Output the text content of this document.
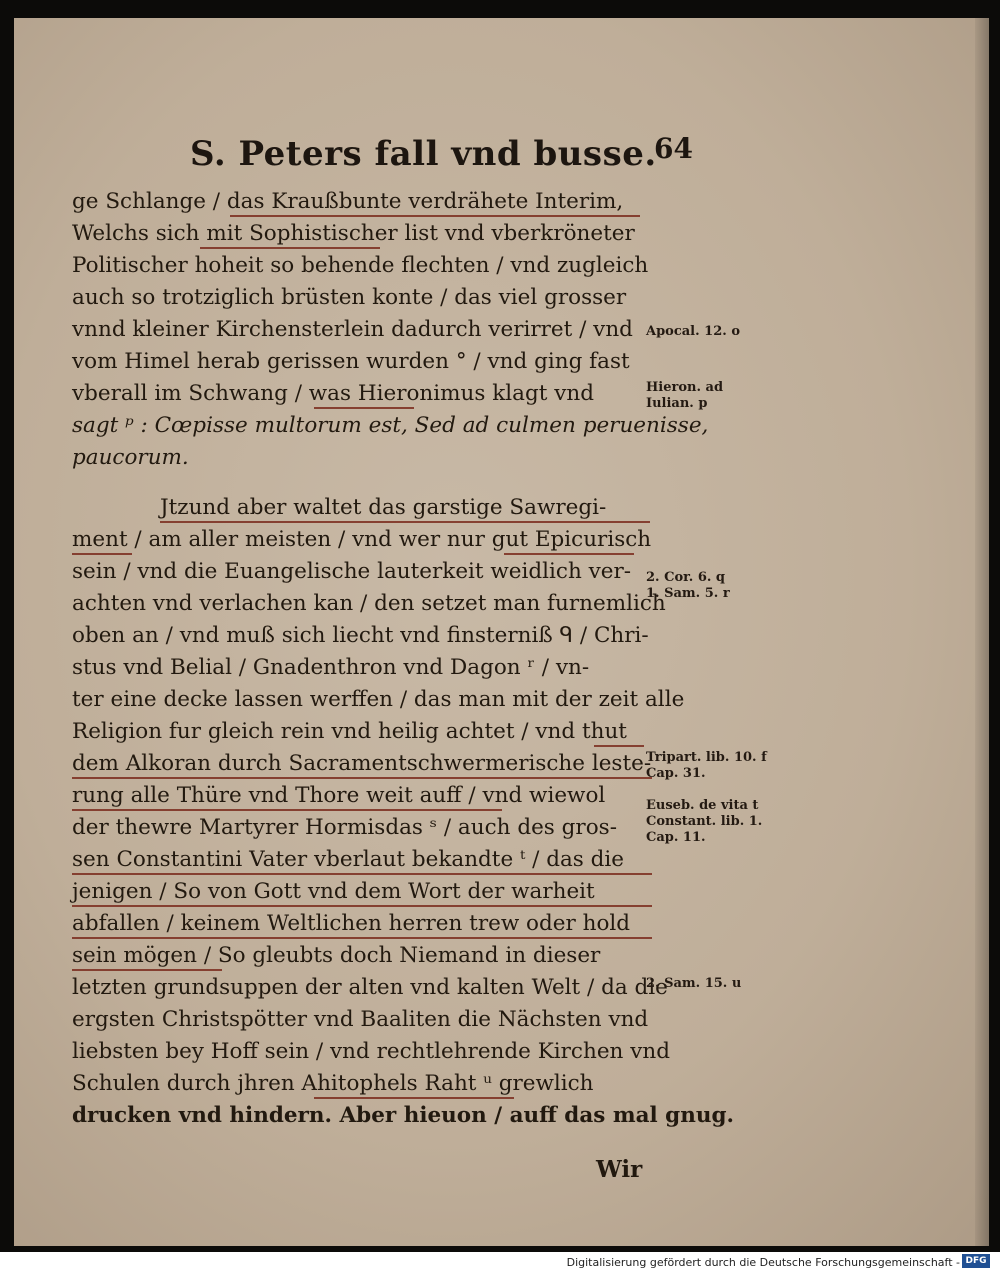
S. Peters fall vnd busse.
64
ge Schlange / das Kraußbunte verdrähete Interim,
Welchs sich mit Sophistischer list vnd vberkröneter
Politischer hoheit so behende flechten / vnd zugleich
auch so trotziglich brüsten konte / das viel grosser
vnnd kleiner Kirchensterlein dadurch verirret / vnd
vom Himel herab gerissen wurden ° / vnd ging fast
vberall im Schwang / was Hieronimus klagt vnd
sagt ᵖ : Cœpisse multorum est, Sed ad culmen peruenisse,
paucorum.
Jtzund aber waltet das garstige Sawregi-
ment / am aller meisten / vnd wer nur gut Epicurisch
sein / vnd die Euangelische lauterkeit weidlich ver-
achten vnd verlachen kan / den setzet man furnemlich
oben an / vnd muß sich liecht vnd finsterniß ᑫ / Chri-
stus vnd Belial / Gnadenthron vnd Dagon ʳ / vn-
ter eine decke lassen werffen / das man mit der zeit alle
Religion fur gleich rein vnd heilig achtet / vnd thut
dem Alkoran durch Sacramentschwermerische leste-
rung alle Thüre vnd Thore weit auff / vnd wiewol
der thewre Martyrer Hormisdas ˢ / auch des gros-
sen Constantini Vater vberlaut bekandte ᵗ / das die
jenigen / So von Gott vnd dem Wort der warheit
abfallen / keinem Weltlichen herren trew oder hold
sein mögen / So gleubts doch Niemand in dieser
letzten grundsuppen der alten vnd kalten Welt / da die
ergsten Christspötter vnd Baaliten die Nächsten vnd
liebsten bey Hoff sein / vnd rechtlehrende Kirchen vnd
Schulen durch jhren Ahitophels Raht ᵘ grewlich
drucken vnd hindern. Aber hieuon / auff das mal gnug.
Wir
Apocal. 12. o
Hieron. ad
Iulian. p
2. Cor. 6. q
1. Sam. 5. r
Tripart. lib. 10. f
Cap. 31.
Euseb. de vita t
Constant. lib. 1.
Cap. 11.
2. Sam. 15. u
Digitalisierung gefördert durch die Deutsche Forschungsgemeinschaft - DFG
